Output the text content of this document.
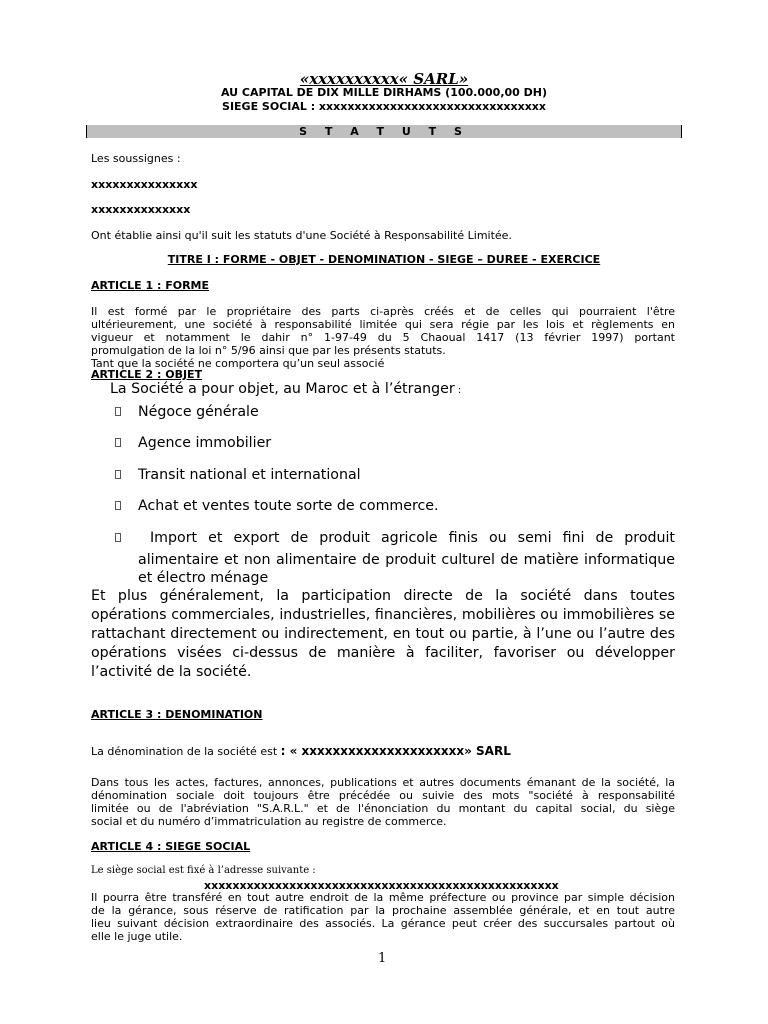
«xxxxxxxxxx« SARL»
AU CAPITAL DE DIX MILLE DIRHAMS (100.000,00 DH)
SIEGE SOCIAL : xxxxxxxxxxxxxxxxxxxxxxxxxxxxxxxx
S T A T U T S
Les soussignes :
xxxxxxxxxxxxxxx
xxxxxxxxxxxxxx
Ont établie ainsi qu'il suit les statuts d'une Société à Responsabilité Limitée.
TITRE I : FORME - OBJET - DENOMINATION - SIEGE – DUREE - EXERCICE
ARTICLE 1 : FORME
Il est formé par le propriétaire des parts ci-après créés et de celles qui pourraient l'être
ultérieurement, une société à responsabilité limitée qui sera régie par les lois et règlements en
vigueur et notamment le dahir n° 1-97-49 du 5 Chaoual 1417 (13 février 1997) portant
promulgation de la loi n° 5/96 ainsi que par les présents statuts.
Tant que la société ne comportera qu’un seul associé
ARTICLE 2 : OBJET
La Société a pour objet, au Maroc et à l’étranger :
Négoce générale
Agence immobilier
Transit national et international
Achat et ventes toute sorte de commerce.
Import et export de produit agricole finis ou semi fini de produit
alimentaire et non alimentaire de produit culturel de matière informatique
et électro ménage
Et plus généralement, la participation directe de la société dans toutes
opérations commerciales, industrielles, financières, mobilières ou immobilières se
rattachant directement ou indirectement, en tout ou partie, à l’une ou l’autre des
opérations visées ci-dessus de manière à faciliter, favoriser ou développer
l’activité de la société.
ARTICLE 3 : DENOMINATION
La dénomination de la société est : « xxxxxxxxxxxxxxxxxxxxx» SARL
Dans tous les actes, factures, annonces, publications et autres documents émanant de la société, la
dénomination sociale doit toujours être précédée ou suivie des mots "société à responsabilité
limitée ou de l'abréviation "S.A.R.L." et de l'énonciation du montant du capital social, du siège
social et du numéro d’immatriculation au registre de commerce.
ARTICLE 4 : SIEGE SOCIAL
Le siège social est fixé à l’adresse suivante :
xxxxxxxxxxxxxxxxxxxxxxxxxxxxxxxxxxxxxxxxxxxxxxxxxx
Il pourra être transféré en tout autre endroit de la même préfecture ou province par simple décision
de la gérance, sous réserve de ratification par la prochaine assemblée générale, et en tout autre
lieu suivant décision extraordinaire des associés. La gérance peut créer des succursales partout où
elle le juge utile.
1
